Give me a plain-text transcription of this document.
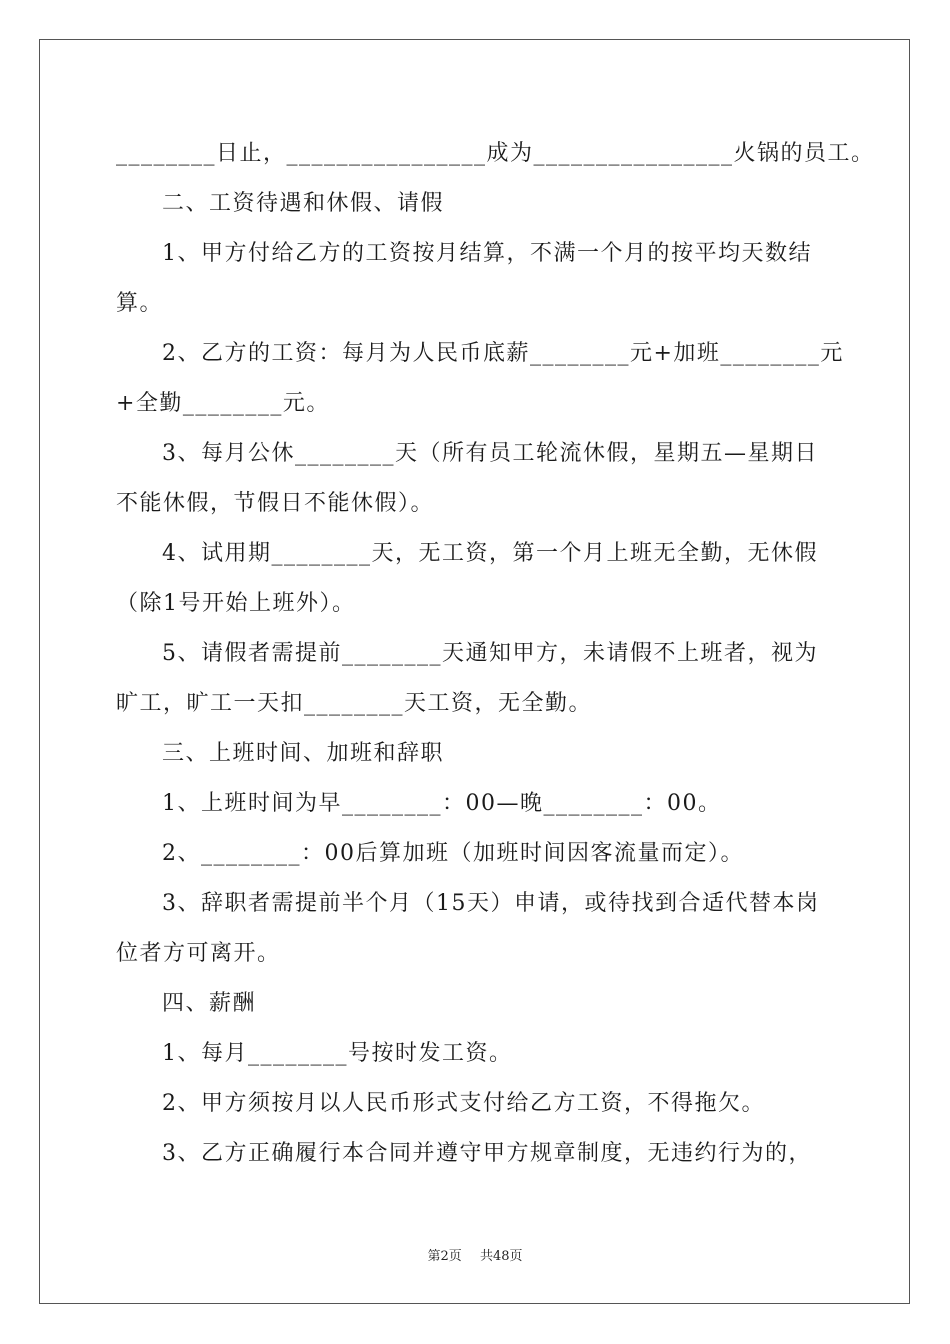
________日止，________________成为________________火锅的员工。
二、工资待遇和休假、请假
1、甲方付给乙方的工资按月结算，不满一个月的按平均天数结
算。
2、乙方的工资：每月为人民币底薪________元+加班________元
+全勤________元。
3、每月公休________天（所有员工轮流休假，星期五—星期日
不能休假，节假日不能休假）。
4、试用期________天，无工资，第一个月上班无全勤，无休假
（除1号开始上班外）。
5、请假者需提前________天通知甲方，未请假不上班者，视为
旷工，旷工一天扣________天工资，无全勤。
三、上班时间、加班和辞职
1、上班时间为早________：00—晚________：00。
2、________：00后算加班（加班时间因客流量而定）。
3、辞职者需提前半个月（15天）申请，或待找到合适代替本岗
位者方可离开。
四、薪酬
1、每月________号按时发工资。
2、甲方须按月以人民币形式支付给乙方工资，不得拖欠。
3、乙方正确履行本合同并遵守甲方规章制度，无违约行为的，
第2页 共48页
